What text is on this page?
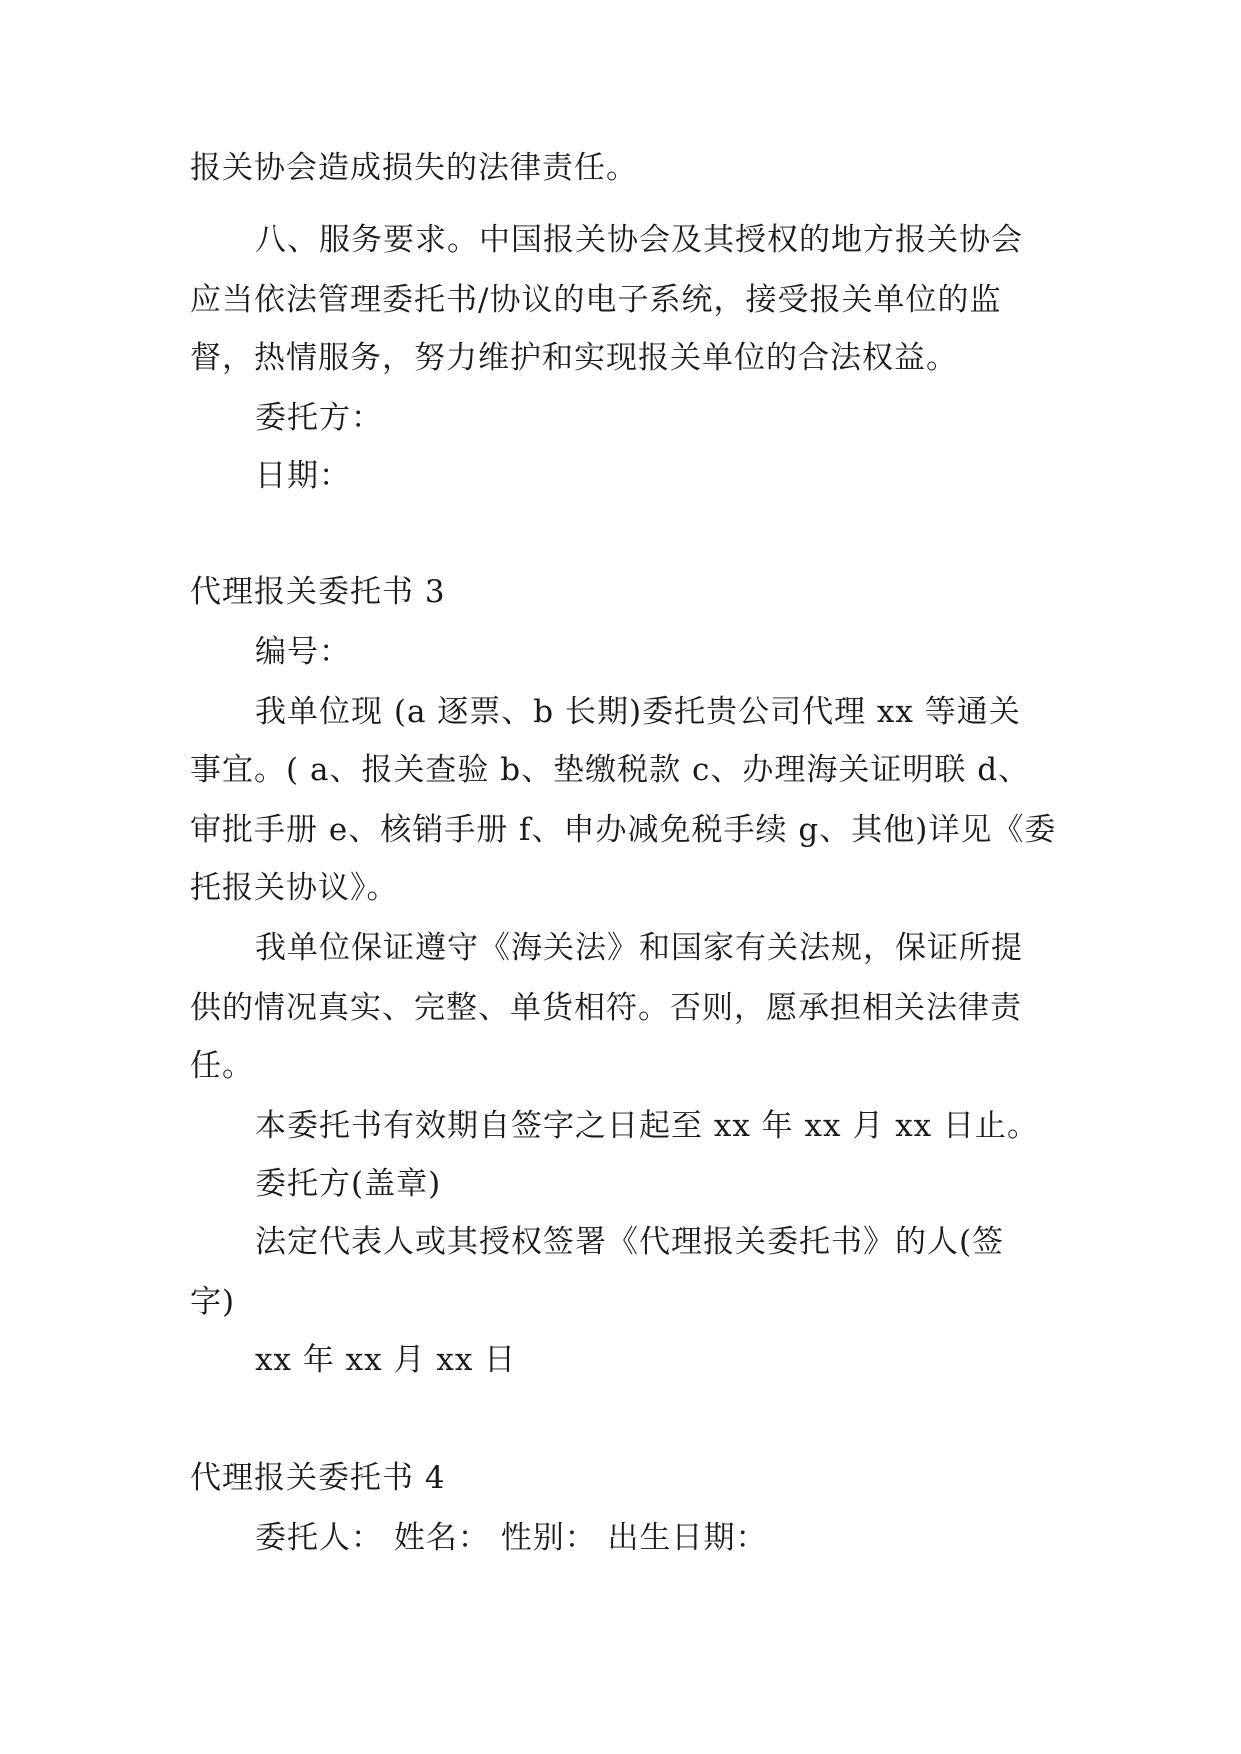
报关协会造成损失的法律责任。
八、服务要求。中国报关协会及其授权的地方报关协会
应当依法管理委托书/协议的电子系统，接受报关单位的监
督，热情服务，努力维护和实现报关单位的合法权益。
委托方：
日期：
代理报关委托书 3
编号：
我单位现 (a 逐票、b 长期)委托贵公司代理 xx 等通关
事宜。( a、报关查验 b、垫缴税款 c、办理海关证明联 d、
审批手册 e、核销手册 f、申办减免税手续 g、其他)详见《委
托报关协议》。
我单位保证遵守《海关法》和国家有关法规，保证所提
供的情况真实、完整、单货相符。否则，愿承担相关法律责
任。
本委托书有效期自签字之日起至 xx 年 xx 月 xx 日止。
委托方(盖章)
法定代表人或其授权签署《代理报关委托书》的人(签
字)
xx 年 xx 月 xx 日
代理报关委托书 4
委托人： 姓名： 性别： 出生日期：
